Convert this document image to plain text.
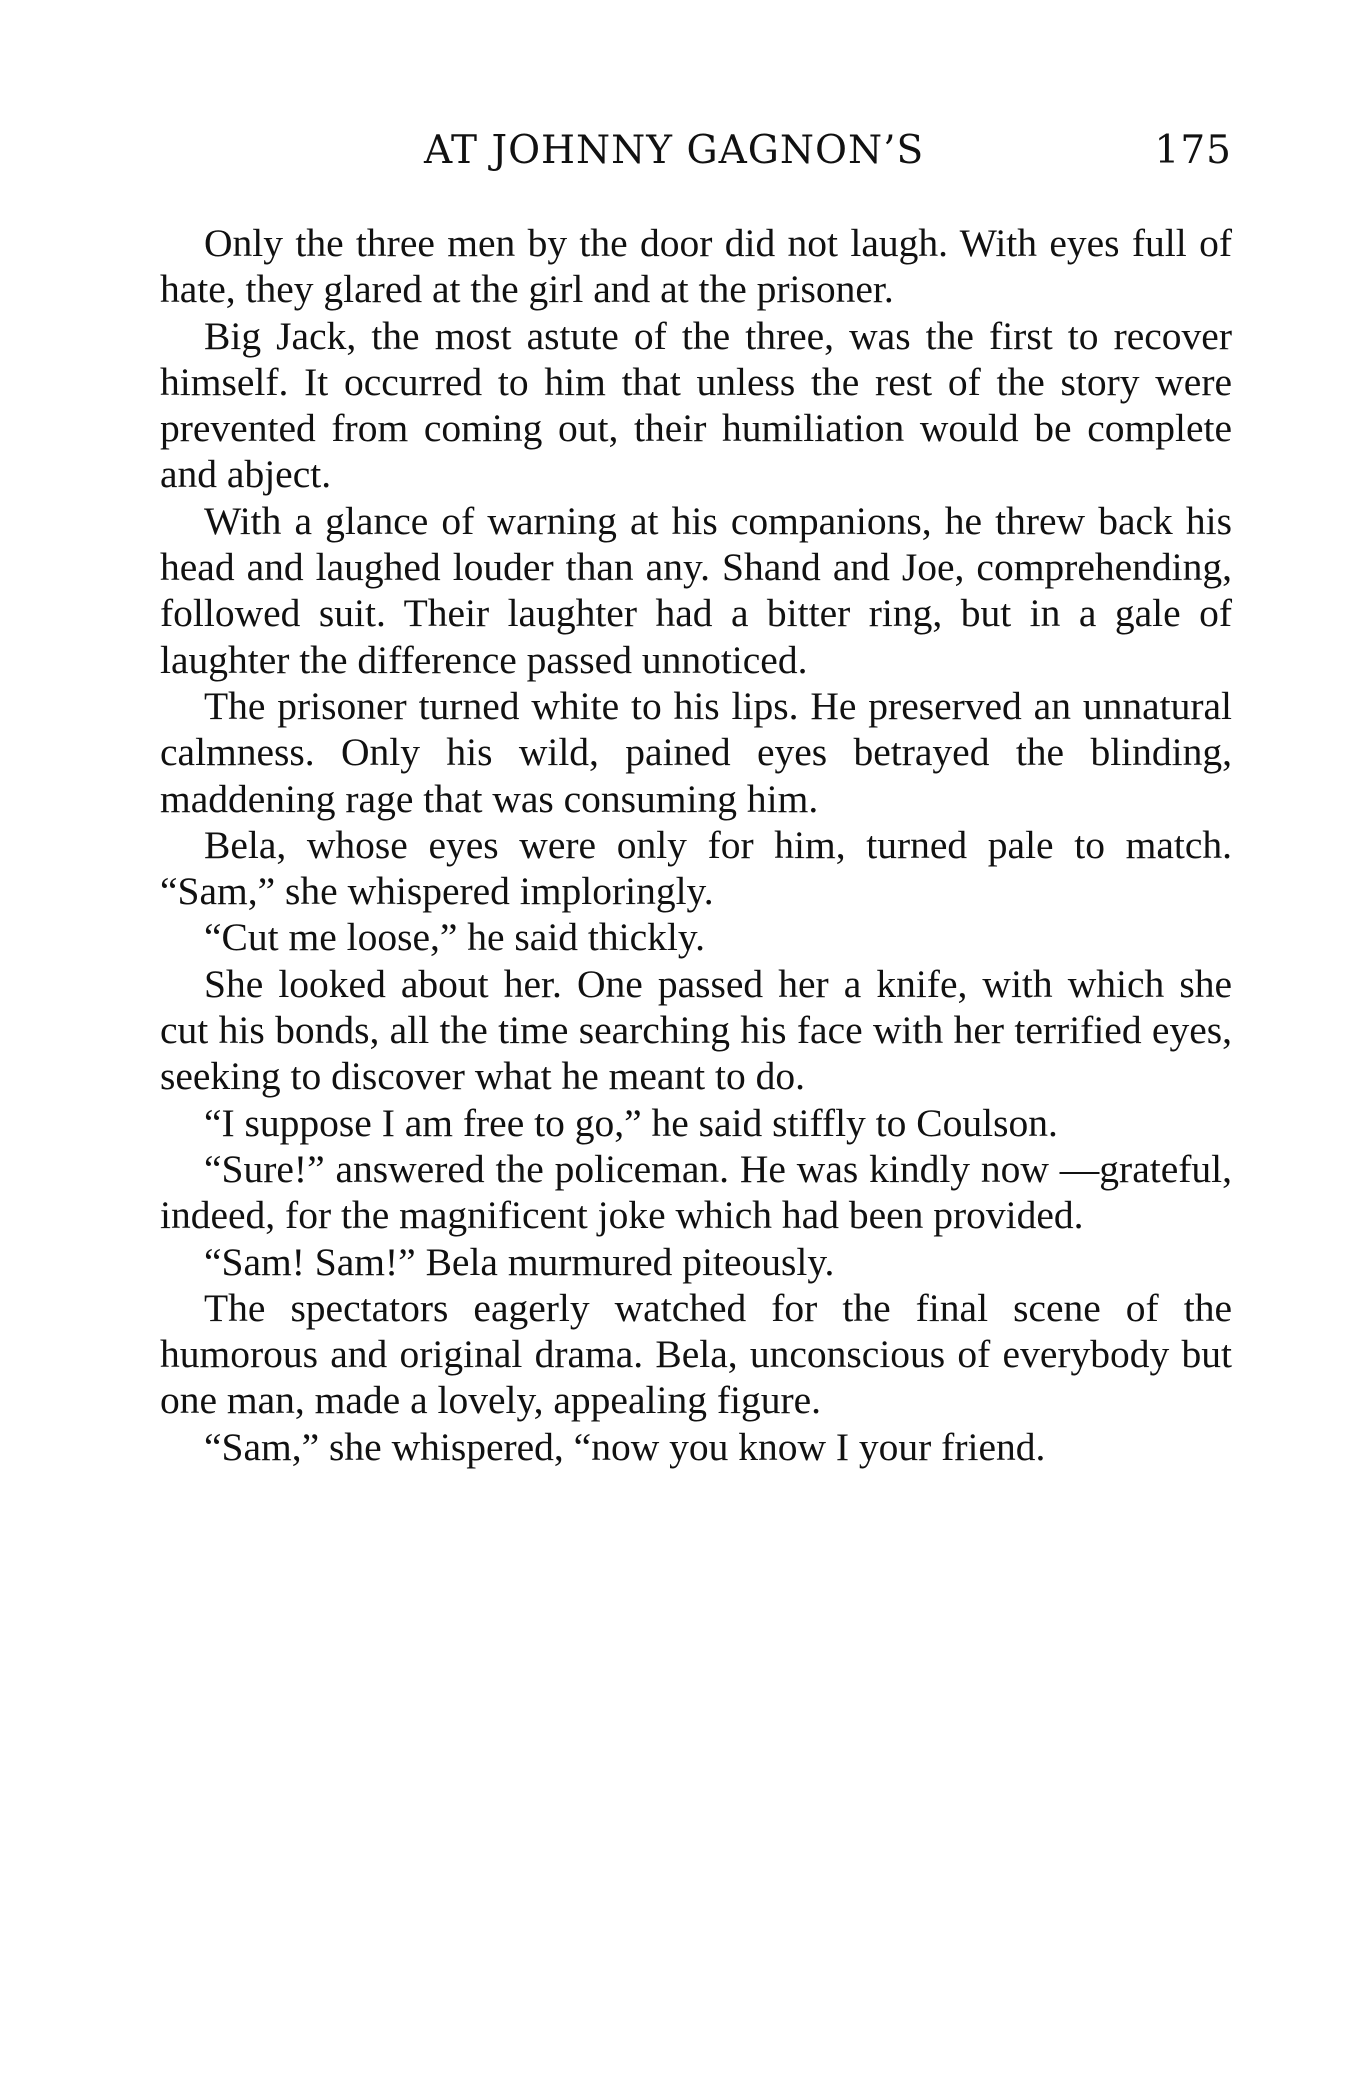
AT JOHNNY GAGNON’S	175

Only the three men by the door did not laugh. With eyes full of hate, they glared at the girl and at the prisoner.

Big Jack, the most astute of the three, was the first to recover himself. It occurred to him that unless the rest of the story were prevented from coming out, their humiliation would be complete and abject.

With a glance of warning at his companions, he threw back his head and laughed louder than any. Shand and Joe, comprehending, followed suit. Their laughter had a bitter ring, but in a gale of laughter the difference passed unnoticed.

The prisoner turned white to his lips. He preserved an unnatural calmness. Only his wild, pained eyes betrayed the blinding, maddening rage that was consuming him.

Bela, whose eyes were only for him, turned pale to match. “Sam,” she whispered imploringly.

“Cut me loose,” he said thickly.

She looked about her. One passed her a knife, with which she cut his bonds, all the time searching his face with her terrified eyes, seeking to discover what he meant to do.

“I suppose I am free to go,” he said stiffly to Coulson.

“Sure!” answered the policeman. He was kindly now —grateful, indeed, for the magnificent joke which had been provided.

“Sam! Sam!” Bela murmured piteously.

The spectators eagerly watched for the final scene of the humorous and original drama. Bela, unconscious of everybody but one man, made a lovely, appealing figure.

“Sam,” she whispered, “now you know I your friend.
